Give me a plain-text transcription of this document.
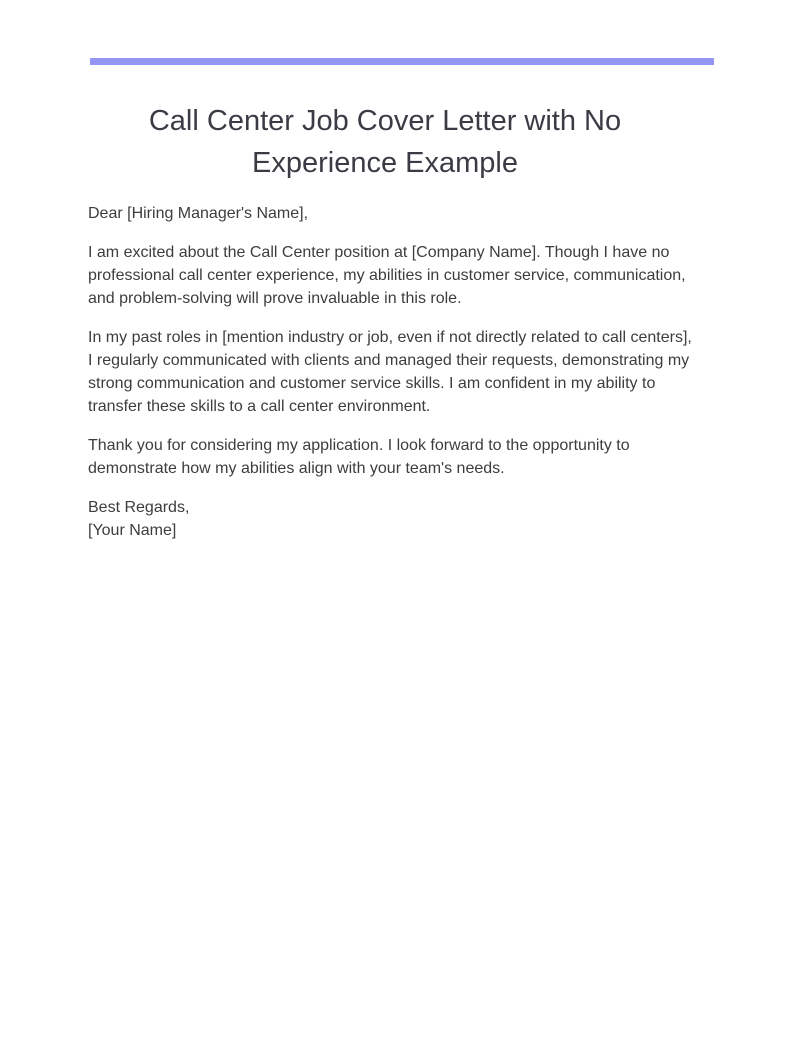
Call Center Job Cover Letter with No Experience Example

Dear [Hiring Manager's Name],

I am excited about the Call Center position at [Company Name]. Though I have no professional call center experience, my abilities in customer service, communication, and problem-solving will prove invaluable in this role.

In my past roles in [mention industry or job, even if not directly related to call centers], I regularly communicated with clients and managed their requests, demonstrating my strong communication and customer service skills. I am confident in my ability to transfer these skills to a call center environment.

Thank you for considering my application. I look forward to the opportunity to demonstrate how my abilities align with your team's needs.

Best Regards,
[Your Name]
